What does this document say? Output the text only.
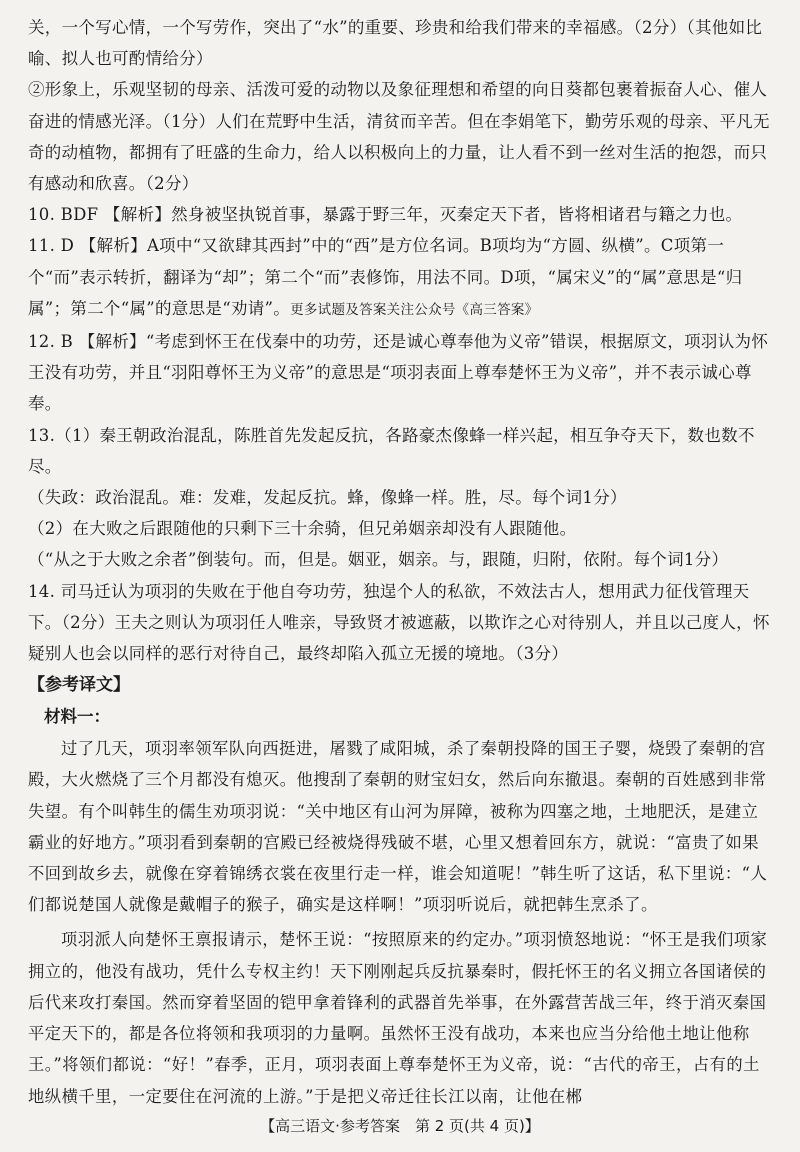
关，一个写心情，一个写劳作，突出了“水”的重要、珍贵和给我们带来的幸福感。（2分）（其他如比喻、拟人也可酌情给分）

②形象上，乐观坚韧的母亲、活泼可爱的动物以及象征理想和希望的向日葵都包裹着振奋人心、催人奋进的情感光泽。（1分）人们在荒野中生活，清贫而辛苦。但在李娟笔下，勤劳乐观的母亲、平凡无奇的动植物，都拥有了旺盛的生命力，给人以积极向上的力量，让人看不到一丝对生活的抱怨，而只有感动和欣喜。（2分）

10. BDF 【解析】然身被坚执锐首事，暴露于野三年，灭秦定天下者，皆将相诸君与籍之力也。

11. D 【解析】A项中“又欲肆其西封”中的“西”是方位名词。B项均为“方圆、纵横”。C项第一个“而”表示转折，翻译为“却”；第二个“而”表修饰，用法不同。D项，“属宋义”的“属”意思是“归属”；第二个“属”的意思是“劝请”。更多试题及答案关注公众号《高三答案》

12. B 【解析】“考虑到怀王在伐秦中的功劳，还是诚心尊奉他为义帝”错误，根据原文，项羽认为怀王没有功劳，并且“羽阳尊怀王为义帝”的意思是“项羽表面上尊奉楚怀王为义帝”，并不表示诚心尊奉。

13.（1）秦王朝政治混乱，陈胜首先发起反抗，各路豪杰像蜂一样兴起，相互争夺天下，数也数不尽。

（失政：政治混乱。难：发难，发起反抗。蜂，像蜂一样。胜，尽。每个词1分）

（2）在大败之后跟随他的只剩下三十余骑，但兄弟姻亲却没有人跟随他。

（“从之于大败之余者”倒装句。而，但是。姻亚，姻亲。与，跟随，归附，依附。每个词1分）

14. 司马迁认为项羽的失败在于他自夸功劳，独逞个人的私欲，不效法古人，想用武力征伐管理天下。（2分）王夫之则认为项羽任人唯亲，导致贤才被遮蔽，以欺诈之心对待别人，并且以己度人，怀疑别人也会以同样的恶行对待自己，最终却陷入孤立无援的境地。（3分）

【参考译文】

材料一：

过了几天，项羽率领军队向西挺进，屠戮了咸阳城，杀了秦朝投降的国王子婴，烧毁了秦朝的宫殿，大火燃烧了三个月都没有熄灭。他搜刮了秦朝的财宝妇女，然后向东撤退。秦朝的百姓感到非常失望。有个叫韩生的儒生劝项羽说：“关中地区有山河为屏障，被称为四塞之地，土地肥沃，是建立霸业的好地方。”项羽看到秦朝的宫殿已经被烧得残破不堪，心里又想着回东方，就说：“富贵了如果不回到故乡去，就像在穿着锦绣衣裳在夜里行走一样，谁会知道呢！”韩生听了这话，私下里说：“人们都说楚国人就像是戴帽子的猴子，确实是这样啊！”项羽听说后，就把韩生烹杀了。

项羽派人向楚怀王禀报请示，楚怀王说：“按照原来的约定办。”项羽愤怒地说：“怀王是我们项家拥立的，他没有战功，凭什么专权主约！天下刚刚起兵反抗暴秦时，假托怀王的名义拥立各国诸侯的后代来攻打秦国。然而穿着坚固的铠甲拿着锋利的武器首先举事，在外露营苦战三年，终于消灭秦国平定天下的，都是各位将领和我项羽的力量啊。虽然怀王没有战功，本来也应当分给他土地让他称王。”将领们都说：“好！”春季，正月，项羽表面上尊奉楚怀王为义帝，说：“古代的帝王，占有的土地纵横千里，一定要住在河流的上游。”于是把义帝迁往长江以南，让他在郴

【高三语文·参考答案　第 2 页(共 4 页)】
